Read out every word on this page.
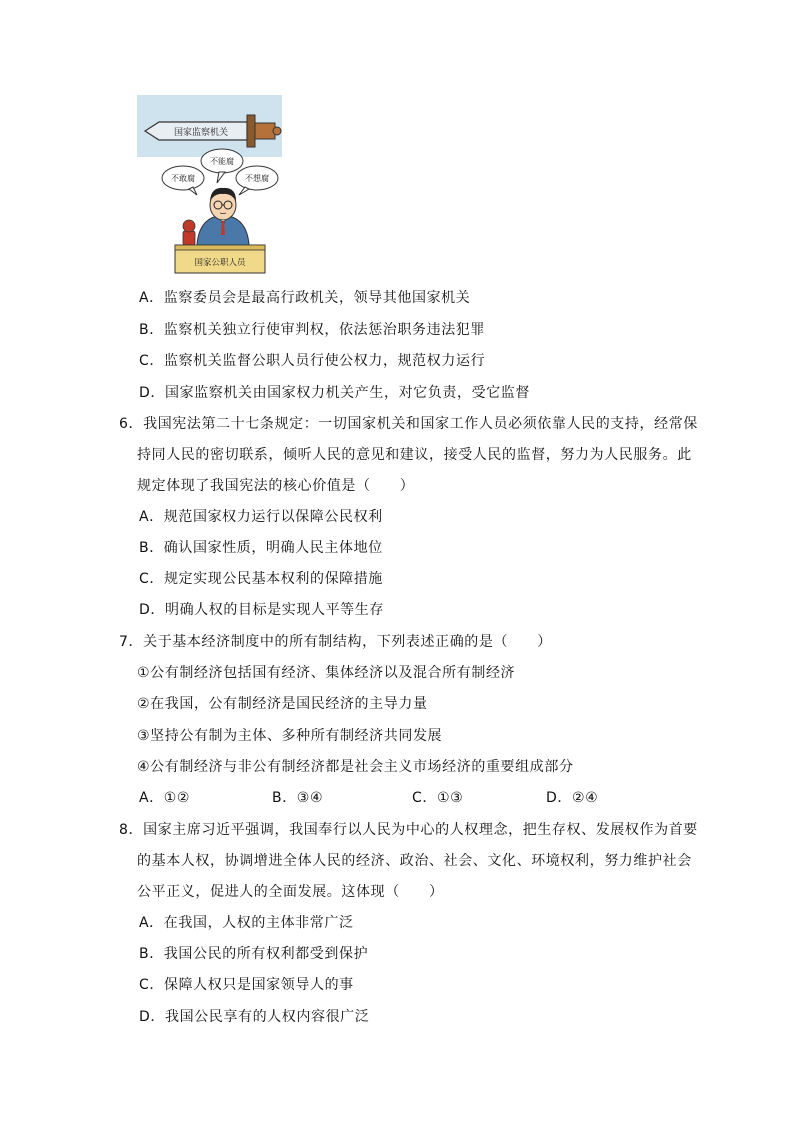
国家监察机关
不敢腐
不能腐
不想腐
国家公职人员
A．监察委员会是最高行政机关，领导其他国家机关
B．监察机关独立行使审判权，依法惩治职务违法犯罪
C．监察机关监督公职人员行使公权力，规范权力运行
D．国家监察机关由国家权力机关产生，对它负责，受它监督
6．我国宪法第二十七条规定：一切国家机关和国家工作人员必须依靠人民的支持，经常保
持同人民的密切联系，倾听人民的意见和建议，接受人民的监督，努力为人民服务。此
规定体现了我国宪法的核心价值是（　　）
A．规范国家权力运行以保障公民权利
B．确认国家性质，明确人民主体地位
C．规定实现公民基本权利的保障措施
D．明确人权的目标是实现人平等生存
7．关于基本经济制度中的所有制结构，下列表述正确的是（　　）
①公有制经济包括国有经济、集体经济以及混合所有制经济
②在我国，公有制经济是国民经济的主导力量
③坚持公有制为主体、多种所有制经济共同发展
④公有制经济与非公有制经济都是社会主义市场经济的重要组成部分
A．①②	B．③④	C．①③	D．②④
8．国家主席习近平强调，我国奉行以人民为中心的人权理念，把生存权、发展权作为首要
的基本人权，协调增进全体人民的经济、政治、社会、文化、环境权利，努力维护社会
公平正义，促进人的全面发展。这体现（　　）
A．在我国，人权的主体非常广泛
B．我国公民的所有权利都受到保护
C．保障人权只是国家领导人的事
D．我国公民享有的人权内容很广泛
